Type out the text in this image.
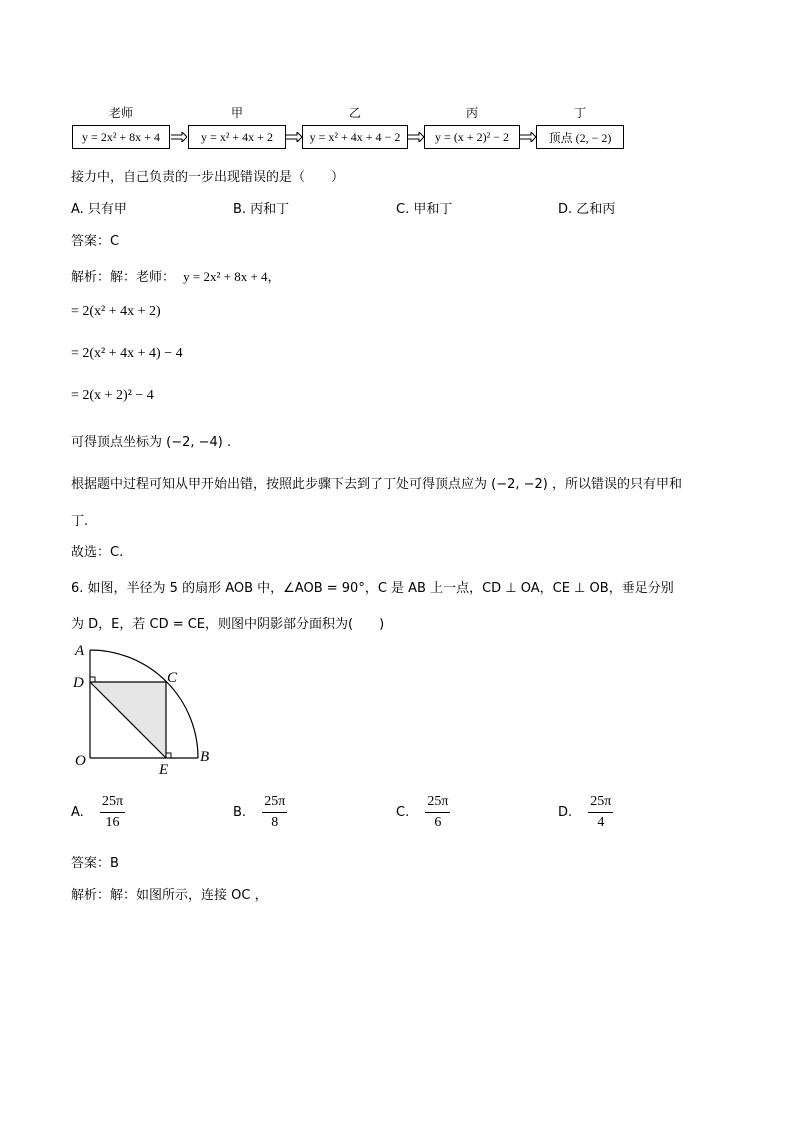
老师	甲	乙	丙	丁
y = 2x² + 8x + 4	y = x² + 4x + 2	y = x² + 4x + 4 − 2	y = (x + 2)² − 2	顶点 (2, − 2)
接力中，自己负责的一步出现错误的是（　　）
A. 只有甲	B. 丙和丁	C. 甲和丁	D. 乙和丙
答案：C
解析：解：老师： y = 2x² + 8x + 4，
= 2(x² + 4x + 2)
= 2(x² + 4x + 4) − 4
= 2(x + 2)² − 4
可得顶点坐标为 (−2, −4) .
根据题中过程可知从甲开始出错，按照此步骤下去到了丁处可得顶点应为 (−2, −2) ，所以错误的只有甲和
丁.
故选：C.
6. 如图，半径为 5 的扇形 AOB 中，∠AOB = 90°，C 是 AB 上一点，CD ⊥ OA，CE ⊥ OB，垂足分别
为 D，E，若 CD = CE，则图中阴影部分面积为(　　)
A
D	C
O
E
B
A. $\frac{25\pi}{16}$	B. $\frac{25\pi}{8}$	C. $\frac{25\pi}{6}$	D. $\frac{25\pi}{4}$
答案：B
解析：解：如图所示，连接 OC ，
